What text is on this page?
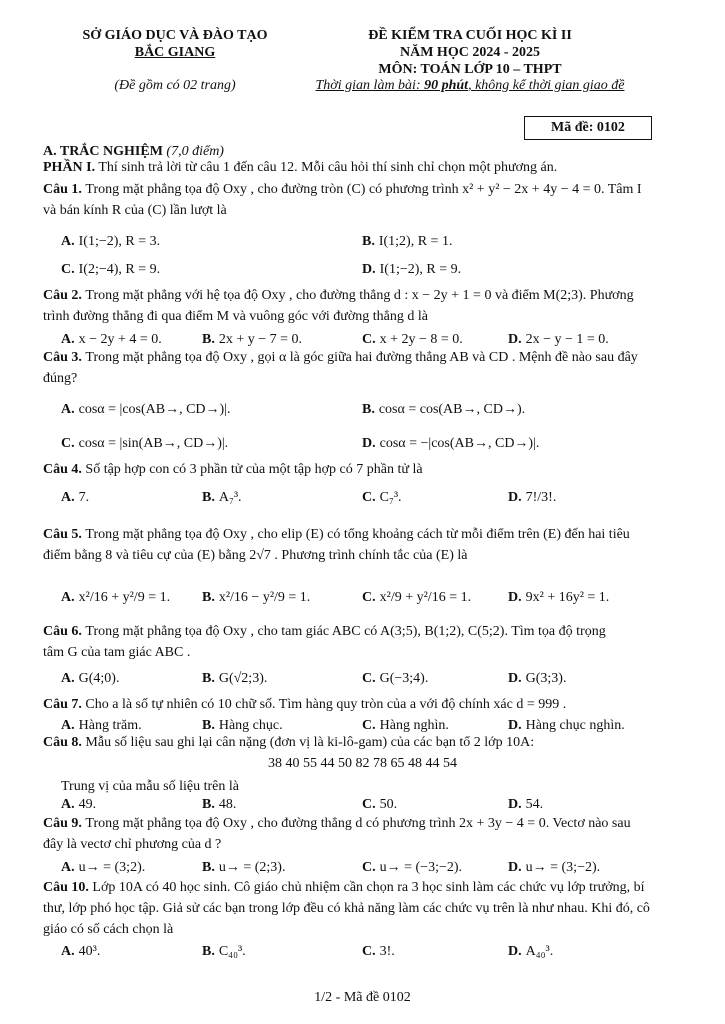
SỞ GIÁO DỤC VÀ ĐÀO TẠO
BẮC GIANG
(Đề gồm có 02 trang)
ĐỀ KIỂM TRA CUỐI HỌC KÌ II
NĂM HỌC 2024 - 2025
MÔN: TOÁN LỚP 10 – THPT
Thời gian làm bài: 90 phút, không kể thời gian giao đề
Mã đề: 0102
A. TRẮC NGHIỆM (7,0 điểm)
PHẦN I. Thí sinh trả lời từ câu 1 đến câu 12. Mỗi câu hỏi thí sinh chỉ chọn một phương án.
Câu 1. Trong mặt phẳng tọa độ Oxy , cho đường tròn (C) có phương trình x² + y² − 2x + 4y − 4 = 0. Tâm I
và bán kính R của (C) lần lượt là
A. I(1;−2), R = 3.	B. I(1;2), R = 1.
C. I(2;−4), R = 9.	D. I(1;−2), R = 9.
Câu 2. Trong mặt phẳng với hệ tọa độ Oxy , cho đường thẳng d : x − 2y + 1 = 0 và điểm M(2;3). Phương
trình đường thẳng đi qua điểm M và vuông góc với đường thẳng d là
A. x − 2y + 4 = 0.	B. 2x + y − 7 = 0.	C. x + 2y − 8 = 0.	D. 2x − y − 1 = 0.
Câu 3. Trong mặt phẳng tọa độ Oxy , gọi α là góc giữa hai đường thẳng AB và CD . Mệnh đề nào sau đây
đúng?
A. cosα = |cos(AB→, CD→)|.	B. cosα = cos(AB→, CD→).
C. cosα = |sin(AB→, CD→)|.	D. cosα = −|cos(AB→, CD→)|.
Câu 4. Số tập hợp con có 3 phần tử của một tập hợp có 7 phần tử là
A. 7.	B. A₇³.	C. C₇³.	D. 7!/3!.
Câu 5. Trong mặt phẳng tọa độ Oxy , cho elip (E) có tổng khoảng cách từ mỗi điểm trên (E) đến hai tiêu
điểm bằng 8 và tiêu cự của (E) bằng 2√7 . Phương trình chính tắc của (E) là
A. x²/16 + y²/9 = 1. B. x²/16 − y²/9 = 1.	C. x²/9 + y²/16 = 1.	D. 9x² + 16y² = 1.
Câu 6. Trong mặt phẳng tọa độ Oxy , cho tam giác ABC có A(3;5), B(1;2), C(5;2). Tìm tọa độ trọng
tâm G của tam giác ABC .
A. G(4;0).	B. G(√2;3).	C. G(−3;4).	D. G(3;3).
Câu 7. Cho a là số tự nhiên có 10 chữ số. Tìm hàng quy tròn của a với độ chính xác d = 999 .
A. Hàng trăm.	B. Hàng chục.	C. Hàng nghìn.	D. Hàng chục nghìn.
Câu 8. Mẫu số liệu sau ghi lại cân nặng (đơn vị là ki-lô-gam) của các bạn tổ 2 lớp 10A:
38 40 55 44 50 82 78 65 48 44 54
Trung vị của mẫu số liệu trên là
A. 49.	B. 48.	C. 50.	D. 54.
Câu 9. Trong mặt phẳng tọa độ Oxy , cho đường thẳng d có phương trình 2x + 3y − 4 = 0. Vectơ nào sau
đây là vectơ chỉ phương của d ?
A. u→ = (3;2).	B. u→ = (2;3).	C. u→ = (−3;−2).	D. u→ = (3;−2).
Câu 10. Lớp 10A có 40 học sinh. Cô giáo chủ nhiệm cần chọn ra 3 học sinh làm các chức vụ lớp trưởng, bí
thư, lớp phó học tập. Giả sử các bạn trong lớp đều có khả năng làm các chức vụ trên là như nhau. Khi đó, cô
giáo có số cách chọn là
A. 40³.	B. C₄₀³.	C. 3!.	D. A₄₀³.
1/2 - Mã đề 0102
